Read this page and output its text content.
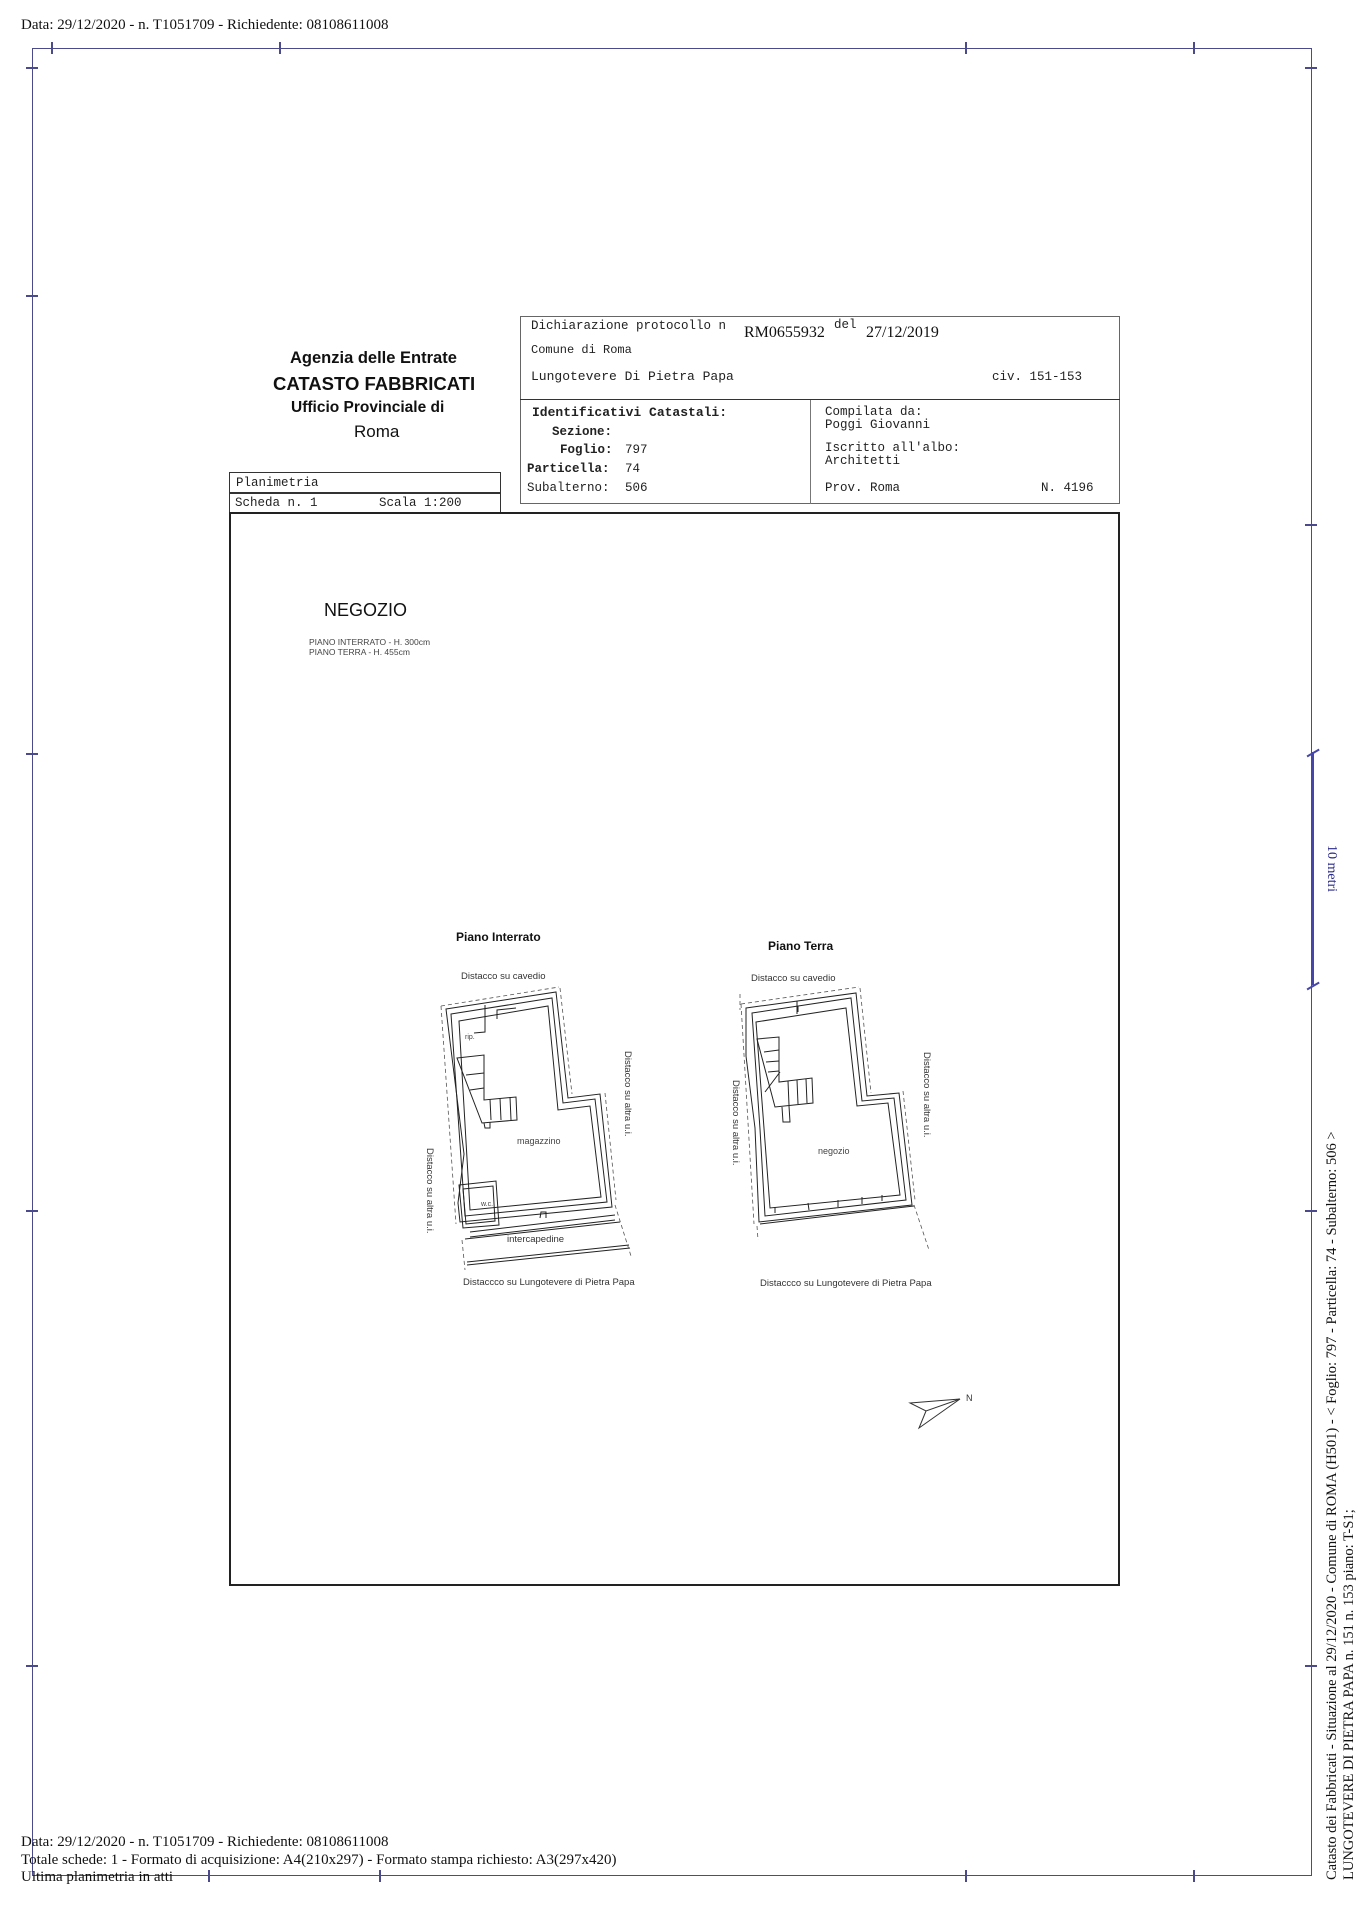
Data: 29/12/2020 - n. T1051709 - Richiedente: 08108611008
Agenzia delle Entrate
CATASTO FABBRICATI
Ufficio Provinciale di
Roma
Planimetria
Scheda n. 1	Scala 1:200
Dichiarazione protocollo n RM0655932 del 27/12/2019
Comune di Roma
Lungotevere Di Pietra Papa	civ. 151-153
Identificativi Catastali:
Sezione:
Foglio: 797
Particella: 74
Subalterno: 506
Compilata da:
Poggi Giovanni
Iscritto all'albo:
Architetti
Prov. Roma	N. 4196
NEGOZIO
PIANO INTERRATO - H. 300cm
PIANO TERRA - H. 455cm
Piano Interrato
Distacco su cavedio
Distaccco su Lungotevere di Pietra Papa
Distacco su altra u.i.
Distacco su altra u.i.
magazzino
rip.
w.c.
intercapedine
Piano Terra
Distacco su cavedio
Distaccco su Lungotevere di Pietra Papa
Distacco su altra u.i.	Distacco su altra u.i.
negozio
N
10 metri
Catasto dei Fabbricati - Situazione al 29/12/2020 - Comune di ROMA (H501) - < Foglio: 797 - Particella: 74 - Subalterno: 506 > LUNGOTEVERE DI PIETRA PAPA n. 151 n. 153 piano: T-S1;
Data: 29/12/2020 - n. T1051709 - Richiedente: 08108611008
Totale schede: 1 - Formato di acquisizione: A4(210x297) - Formato stampa richiesto: A3(297x420)
Ultima planimetria in atti
